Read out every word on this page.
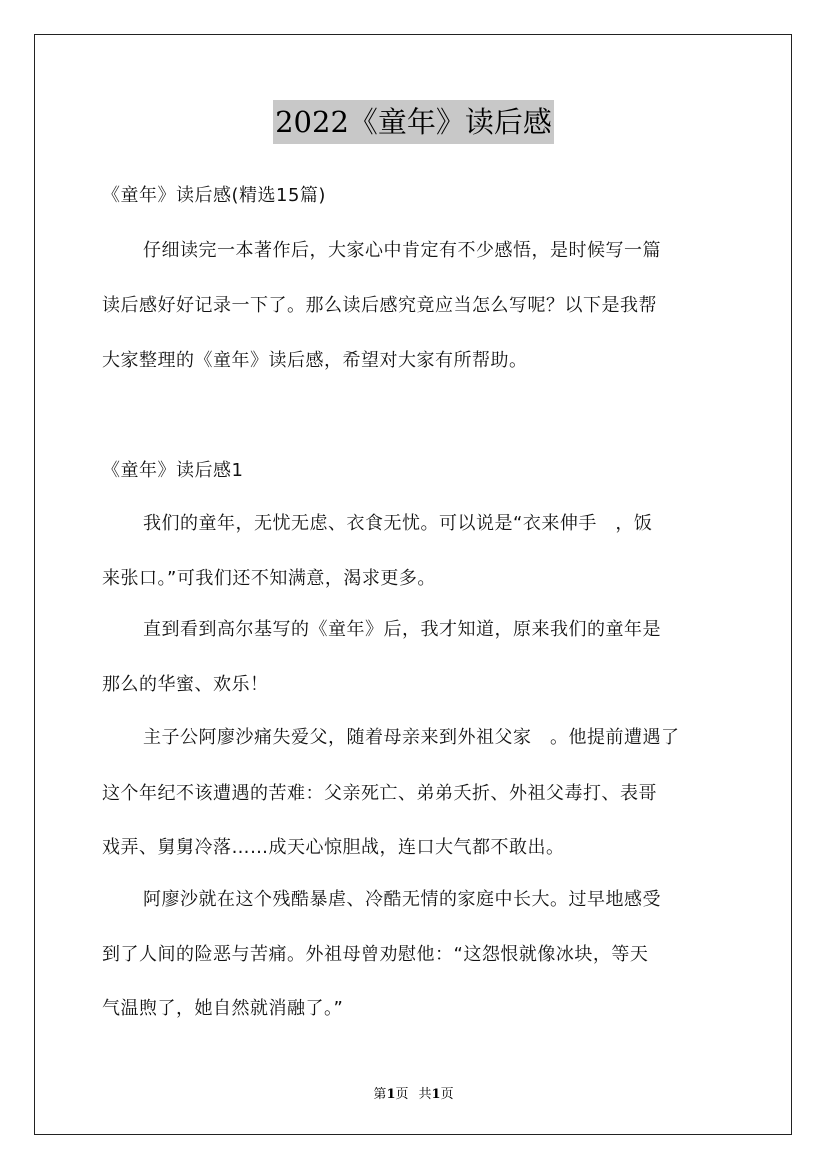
2022《童年》读后感
《童年》读后感(精选15篇)
仔细读完一本著作后，大家心中肯定有不少感悟，是时候写一篇
读后感好好记录一下了。那么读后感究竟应当怎么写呢？以下是我帮
大家整理的《童年》读后感，希望对大家有所帮助。
《童年》读后感1
我们的童年，无忧无虑、衣食无忧。可以说是“衣来伸手　，饭
来张口。”可我们还不知满意，渴求更多。
直到看到高尔基写的《童年》后，我才知道，原来我们的童年是
那么的华蜜、欢乐！
主子公阿廖沙痛失爱父，随着母亲来到外祖父家　。他提前遭遇了
这个年纪不该遭遇的苦难：父亲死亡、弟弟夭折、外祖父毒打、表哥
戏弄、舅舅冷落……成天心惊胆战，连口大气都不敢出。
阿廖沙就在这个残酷暴虐、冷酷无情的家庭中长大。过早地感受
到了人间的险恶与苦痛。外祖母曾劝慰他：“这怨恨就像冰块，等天
气温煦了，她自然就消融了。”
第1页 共1页
